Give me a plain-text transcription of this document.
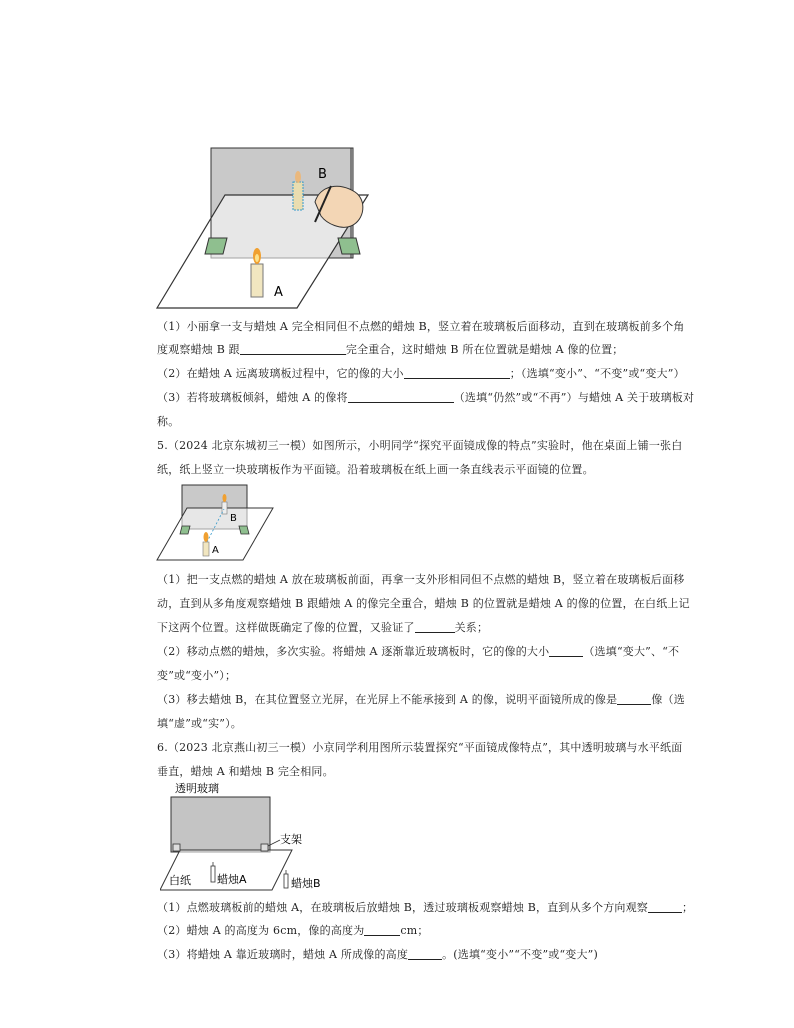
B
A
（1）小丽拿一支与蜡烛 A 完全相同但不点燃的蜡烛 B，竖立着在玻璃板后面移动，直到在玻璃板前多个角
度观察蜡烛 B 跟	完全重合，这时蜡烛 B 所在位置就是蜡烛 A 像的位置；
（2）在蜡烛 A 远离玻璃板过程中，它的像的大小	；（选填“变小”、“不变”或“变大”）
（3）若将玻璃板倾斜，蜡烛 A 的像将	（选填“仍然”或“不再”）与蜡烛 A 关于玻璃板对
称。
5.（2024 北京东城初三一模）如图所示，小明同学“探究平面镜成像的特点”实验时，他在桌面上铺一张白
纸，纸上竖立一块玻璃板作为平面镜。沿着玻璃板在纸上画一条直线表示平面镜的位置。
B
A
（1）把一支点燃的蜡烛 A 放在玻璃板前面，再拿一支外形相同但不点燃的蜡烛 B，竖立着在玻璃板后面移
动，直到从多角度观察蜡烛 B 跟蜡烛 A 的像完全重合，蜡烛 B 的位置就是蜡烛 A 的像的位置，在白纸上记
下这两个位置。这样做既确定了像的位置，又验证了	关系；
（2）移动点燃的蜡烛，多次实验。将蜡烛 A 逐渐靠近玻璃板时，它的像的大小	（选填“变大”、“不
变”或“变小”）；
（3）移去蜡烛 B，在其位置竖立光屏，在光屏上不能承接到 A 的像，说明平面镜所成的像是	像（选
填“虚”或“实”）。
6.（2023 北京燕山初三一模）小京同学利用图所示装置探究“平面镜成像特点”，其中透明玻璃与水平纸面
垂直，蜡烛 A 和蜡烛 B 完全相同。
透明玻璃
支架
白纸 蜡烛A	蜡烛B
（1）点燃玻璃板前的蜡烛 A，在玻璃板后放蜡烛 B，透过玻璃板观察蜡烛 B，直到从多个方向观察	；
（2）蜡烛 A 的高度为 6cm，像的高度为	cm；
（3）将蜡烛 A 靠近玻璃时，蜡烛 A 所成像的高度	。(选填“变小”“不变”或“变大”)
